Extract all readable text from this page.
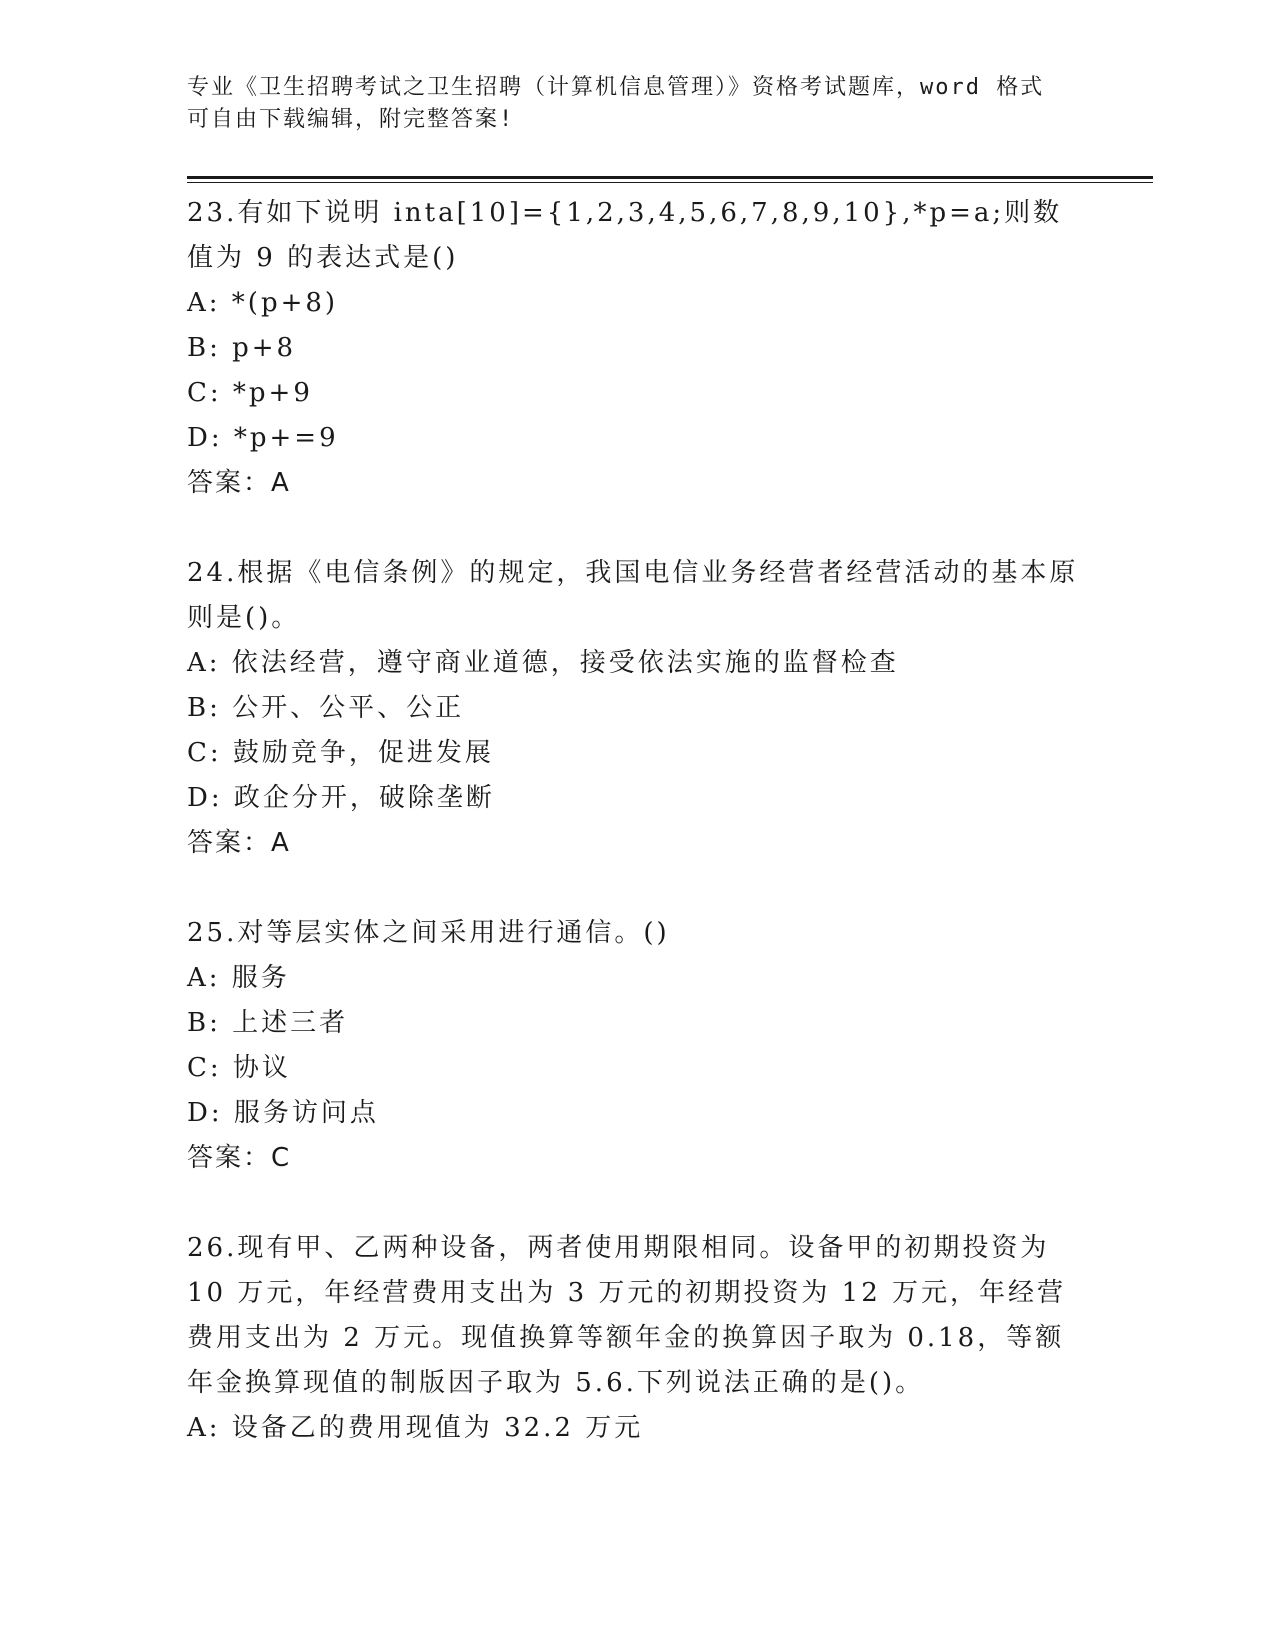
专业《卫生招聘考试之卫生招聘（计算机信息管理）》资格考试题库，word 格式
可自由下载编辑，附完整答案!
23.有如下说明 inta[10]={1,2,3,4,5,6,7,8,9,10},*p=a;则数值为 9 的表达式是()
A: *(p+8)
B: p+8
C: *p+9
D: *p+=9
答案：A
24.根据《电信条例》的规定，我国电信业务经营者经营活动的基本原则是()。
A: 依法经营，遵守商业道德，接受依法实施的监督检查
B: 公开、公平、公正
C: 鼓励竞争，促进发展
D: 政企分开，破除垄断
答案：A
25.对等层实体之间采用进行通信。()
A: 服务
B: 上述三者
C: 协议
D: 服务访问点
答案：C
26.现有甲、乙两种设备，两者使用期限相同。设备甲的初期投资为 10 万元，年经营费用支出为 3 万元的初期投资为 12 万元，年经营费用支出为 2 万元。现值换算等额年金的换算因子取为 0.18，等额年金换算现值的制版因子取为 5.6.下列说法正确的是()。
A: 设备乙的费用现值为 32.2 万元
